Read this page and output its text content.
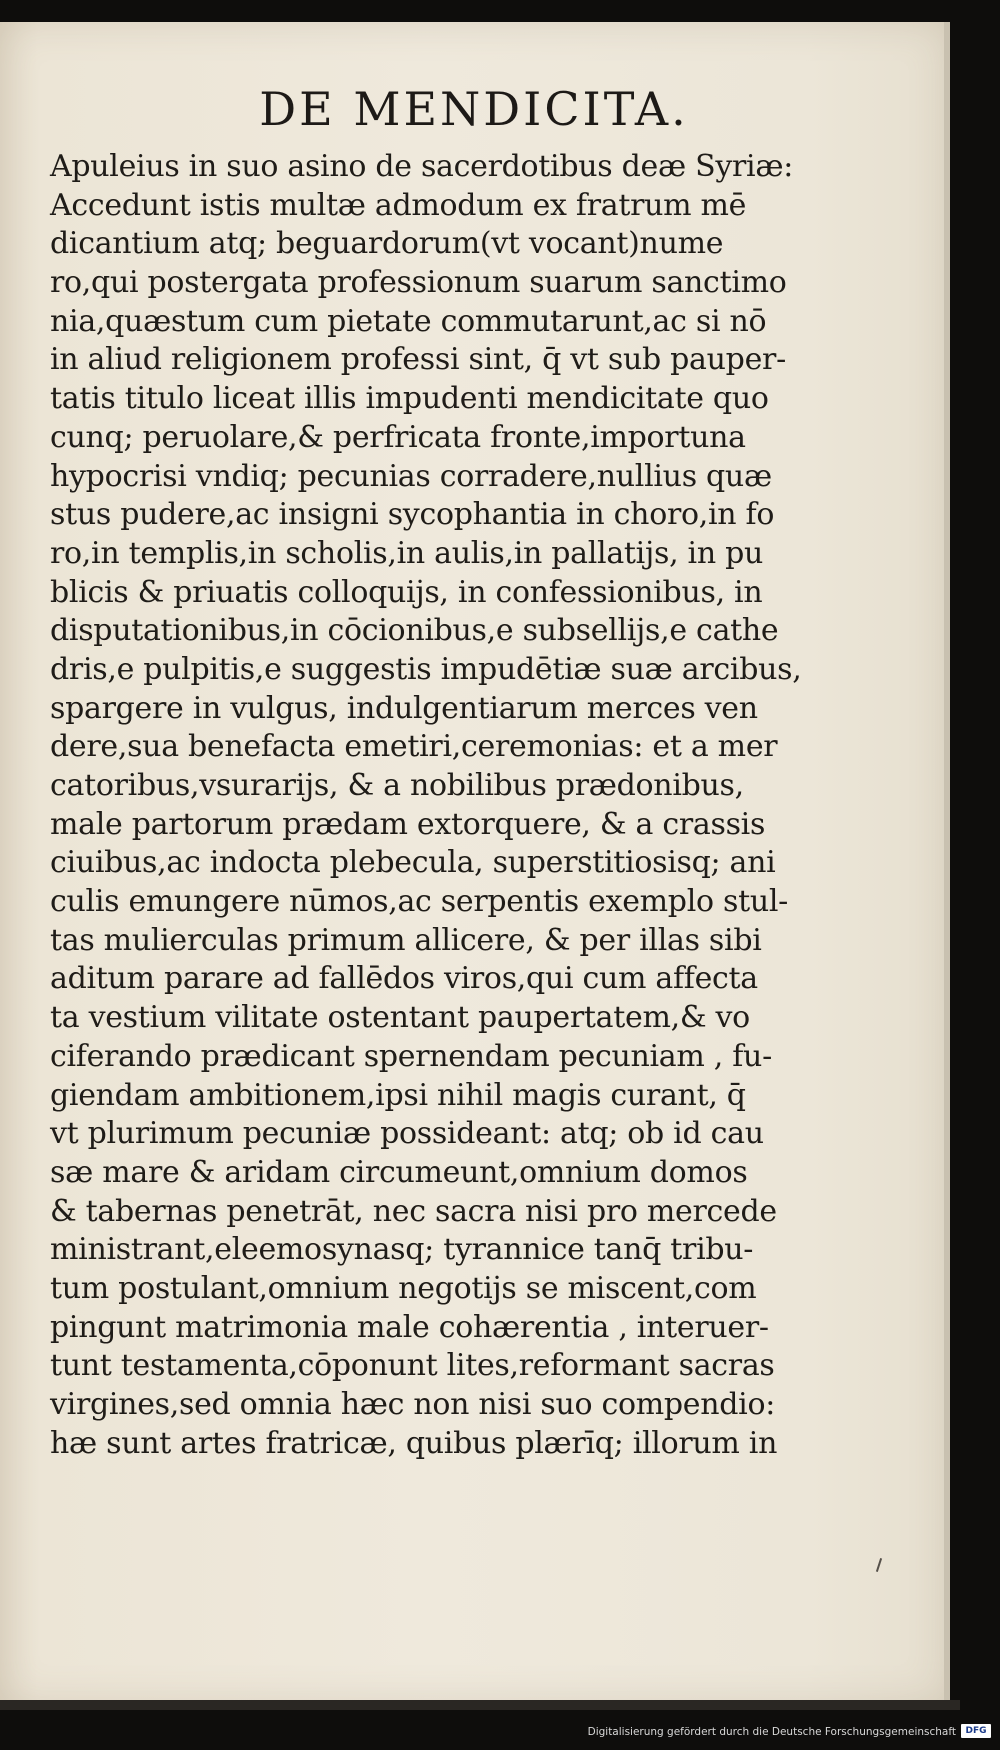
DE MENDICITA.
Apuleius in suo asino de sacerdotibus deæ Syriæ:
Accedunt istis multæ admodum ex fratrum mē
dicantium atq; beguardorum(vt vocant)nume
ro,qui postergata professionum suarum sanctimo
nia,quæstum cum pietate commutarunt,ac si nō
in aliud religionem professi sint, q̄ vt sub pauper-
tatis titulo liceat illis impudenti mendicitate quo
cunq; peruolare,& perfricata fronte,importuna
hypocrisi vndiq; pecunias corradere,nullius quæ
stus pudere,ac insigni sycophantia in choro,in fo
ro,in templis,in scholis,in aulis,in pallatijs, in pu
blicis & priuatis colloquijs, in confessionibus, in
disputationibus,in cōcionibus,e subsellijs,e cathe
dris,e pulpitis,e suggestis impudētiæ suæ arcibus,
spargere in vulgus, indulgentiarum merces ven
dere,sua benefacta emetiri,ceremonias: et a mer
catoribus,vsurarijs, & a nobilibus prædonibus,
male partorum prædam extorquere, & a crassis
ciuibus,ac indocta plebecula, superstitiosisq; ani
culis emungere nūmos,ac serpentis exemplo stul-
tas mulierculas primum allicere, & per illas sibi
aditum parare ad fallēdos viros,qui cum affecta
ta vestium vilitate ostentant paupertatem,& vo
ciferando prædicant spernendam pecuniam , fu-
giendam ambitionem,ipsi nihil magis curant, q̄
vt plurimum pecuniæ possideant: atq; ob id cau
sæ mare & aridam circumeunt,omnium domos
& tabernas penetrāt, nec sacra nisi pro mercede
ministrant,eleemosynasq; tyrannice tanq̄ tribu-
tum postulant,omnium negotijs se miscent,com
pingunt matrimonia male cohærentia , interuer-
tunt testamenta,cōponunt lites,reformant sacras
virgines,sed omnia hæc non nisi suo compendio:
hæ sunt artes fratricæ, quibus plærīq; illorum in
Digitalisierung gefördert durch die Deutsche Forschungsgemeinschaft	DFG
